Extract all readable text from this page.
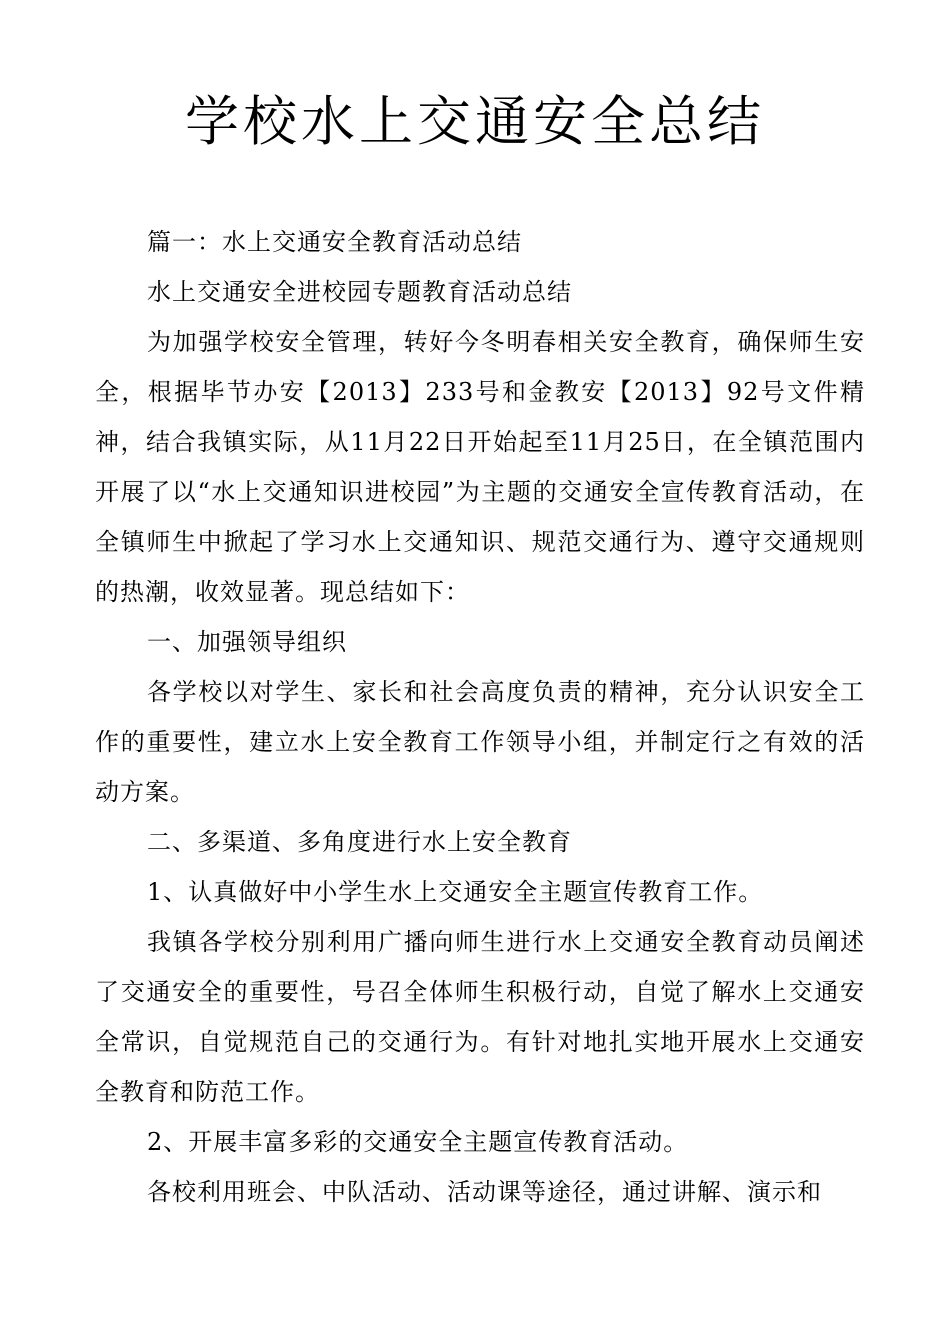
学校水上交通安全总结

篇一：水上交通安全教育活动总结

水上交通安全进校园专题教育活动总结

为加强学校安全管理，转好今冬明春相关安全教育，确保师生安全，根据毕节办安【2013】233号和金教安【2013】92号文件精神，结合我镇实际，从11月22日开始起至11月25日，在全镇范围内开展了以“水上交通知识进校园”为主题的交通安全宣传教育活动，在全镇师生中掀起了学习水上交通知识、规范交通行为、遵守交通规则的热潮，收效显著。现总结如下：

一、加强领导组织

各学校以对学生、家长和社会高度负责的精神，充分认识安全工作的重要性，建立水上安全教育工作领导小组，并制定行之有效的活动方案。

二、多渠道、多角度进行水上安全教育

1、认真做好中小学生水上交通安全主题宣传教育工作。

我镇各学校分别利用广播向师生进行水上交通安全教育动员阐述了交通安全的重要性，号召全体师生积极行动，自觉了解水上交通安全常识，自觉规范自己的交通行为。有针对地扎实地开展水上交通安全教育和防范工作。

2、开展丰富多彩的交通安全主题宣传教育活动。

各校利用班会、中队活动、活动课等途径，通过讲解、演示和
